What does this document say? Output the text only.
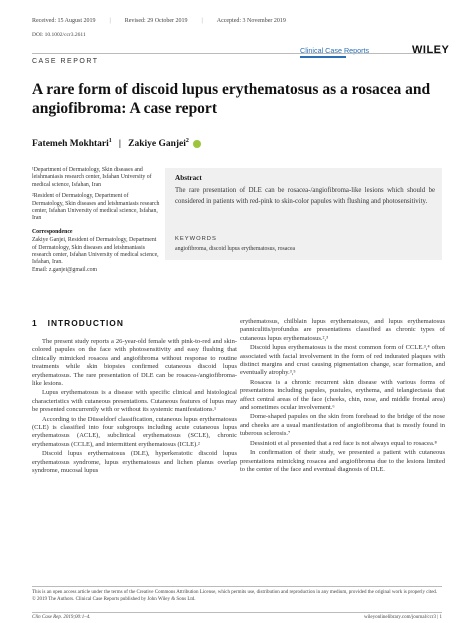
Received: 15 August 2019 | Revised: 29 October 2019 | Accepted: 3 November 2019
DOI: 10.1002/ccr3.2611
Clinical Case Reports	WILEY
CASE REPORT
A rare form of discoid lupus erythematosus as a rosacea and angiofibroma: A case report
Fatemeh Mokhtari$^1$ | Zakiye Ganjei$^2$

¹Department of Dermatology, Skin diseases and leishmaniasis research center, Isfahan University of medical science, Isfahan, Iran

²Resident of Dermatology, Department of Dermatology, Skin diseases and leishmaniasis research center, Isfahan University of medical science, Isfahan, Iran

Correspondence

Zakiye Ganjei, Resident of Dermatology, Department of Dermatology, Skin diseases and leishmaniasis research center, Isfahan University of medical science, Isfahan, Iran.

Email: z.ganjei@gmail.com

Abstract
The rare presentation of DLE can be rosacea-/angiofibroma-like lesions which should be considered in patients with red-pink to skin-color papules with flushing and photosensitivity.
KEYWORDS
angiofibroma, discoid lupus erythematosus, rosacea
1 INTRODUCTION

The present study reports a 26-year-old female with pink-to-red and skin-colored papules on the face with photosensitivity and easy flushing that clinically mimicked rosacea and angiofibroma without response to routine treatments while skin biopsies confirmed cutaneous discoid lupus erythematosus. The rare presentation of DLE can be rosacea-/angiofibroma-like lesions.

Lupus erythematosus is a disease with specific clinical and histological characteristics with cutaneous presentations. Cutaneous features of lupus may be presented concurrently with or without its systemic manifestations.¹

According to the Düsseldorf classification, cutaneous lupus erythematosus (CLE) is classified into four subgroups including acute cutaneous lupus erythematosus (ACLE), subclinical erythematosus (SCLE), chronic erythematosus (CCLE), and intermittent erythematosus (ICLE).²

Discoid lupus erythematosus (DLE), hyperkeratotic discoid lupus erythematosus syndrome, lupus erythematosus and lichen planus overlap syndrome, mucosal lupus

erythematosus, chilblain lupus erythematosus, and lupus erythematosus panniculitis/profundus are presentations classified as chronic types of cutaneous lupus erythematosus.²,³

Discoid lupus erythematosus is the most common form of CCLE.³,⁴ often associated with facial involvement in the form of red indurated plaques with distinct margins and crust causing pigmentation change, scar formation, and eventually atrophy.³,⁵

Rosacea is a chronic recurrent skin disease with various forms of presentations including papules, pustules, erythema, and telangiectasia that affect central areas of the face (cheeks, chin, nose, and middle frontal area) and sometimes ocular involvement.⁶

Dome-shaped papules on the skin from forehead to the bridge of the nose and cheeks are a usual manifestation of angiofibroma that is mostly found in tuberous sclerosis.⁷

Dessinioti et al presented that a red face is not always equal to rosacea.⁸

In confirmation of their study, we presented a patient with cutaneous presentations mimicking rosacea and angiofibroma due to the lesions limited to the center of the face and eventual diagnosis of DLE.

This is an open access article under the terms of the Creative Commons Attribution License, which permits use, distribution and reproduction in any medium, provided the original work is properly cited.

© 2019 The Authors. Clinical Case Reports published by John Wiley & Sons Ltd.

Clin Case Rep. 2019;00:1–4.	wileyonlinelibrary.com/journal/ccr3 | 1
